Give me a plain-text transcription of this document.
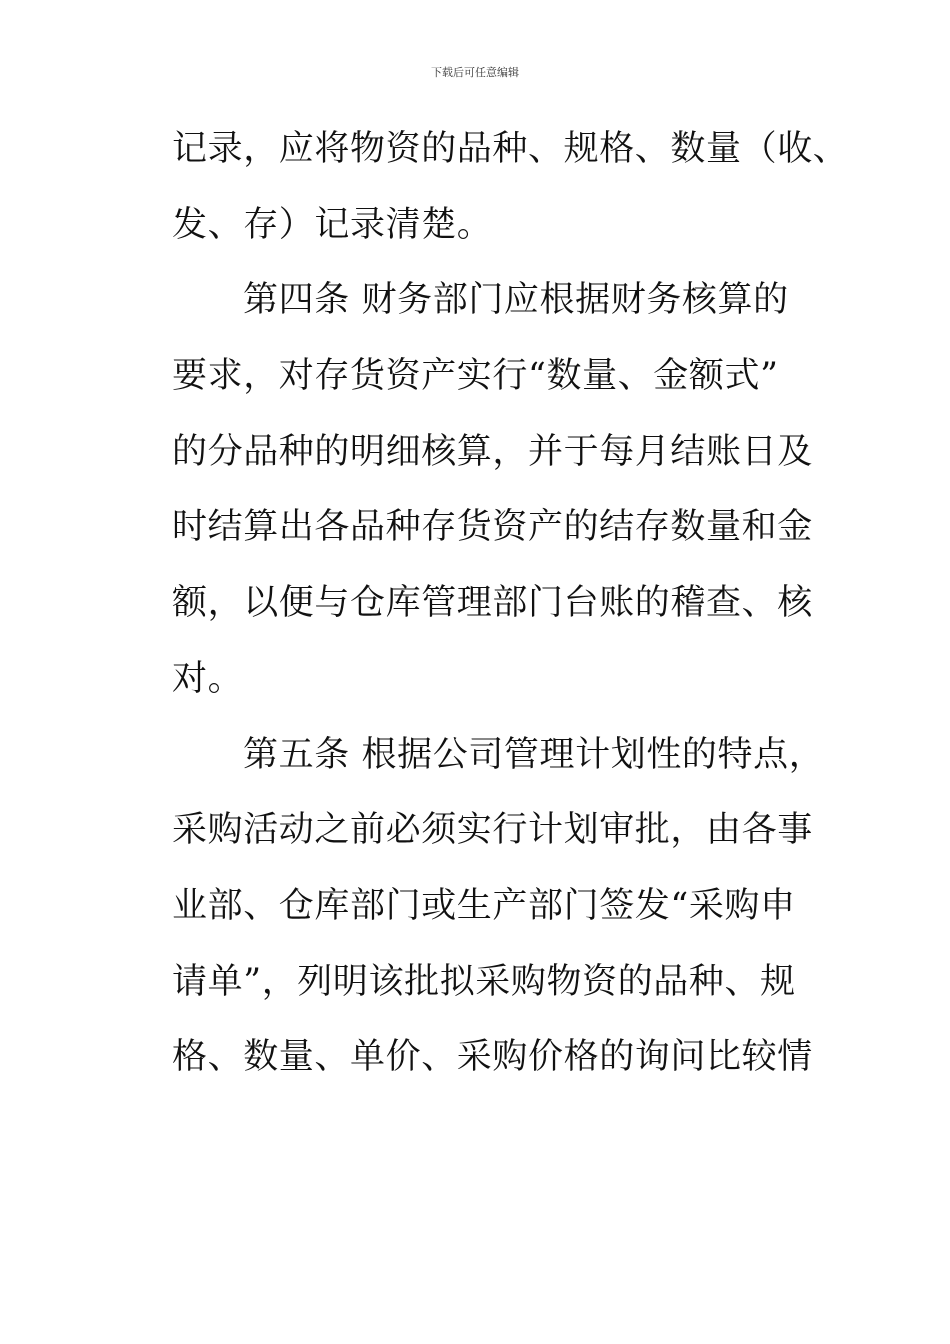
下载后可任意编辑
记录，应将物资的品种、规格、数量（收、
发、存）记录清楚。
第四条 财务部门应根据财务核算的
要求，对存货资产实行“数量、金额式”
的分品种的明细核算，并于每月结账日及
时结算出各品种存货资产的结存数量和金
额，以便与仓库管理部门台账的稽查、核
对。
第五条 根据公司管理计划性的特点，
采购活动之前必须实行计划审批，由各事
业部、仓库部门或生产部门签发“采购申
请单”，列明该批拟采购物资的品种、规
格、数量、单价、采购价格的询问比较情
